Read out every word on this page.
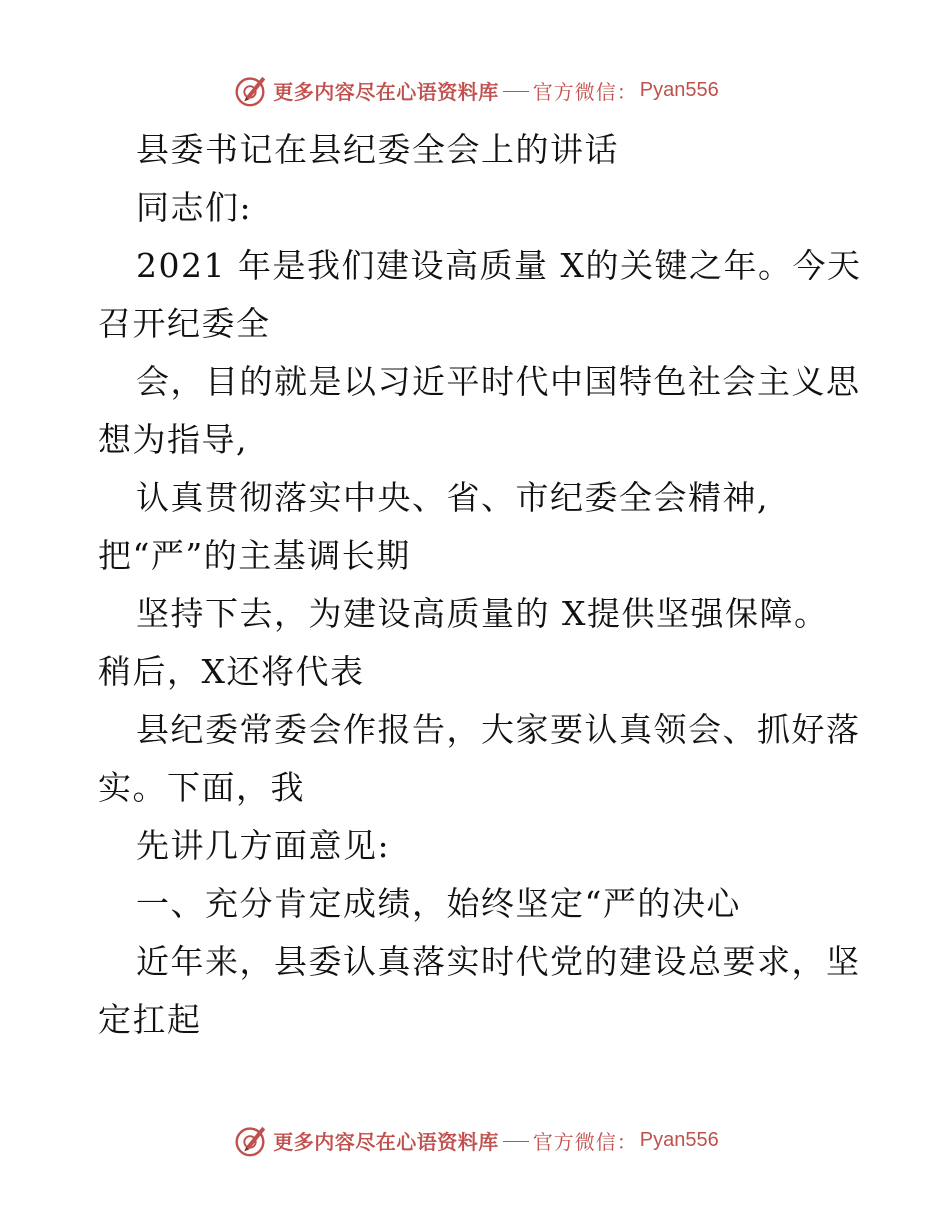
更多内容尽在心语资料库 官方微信： Pyan556
县委书记在县纪委全会上的讲话
同志们:
2021 年是我们建设高质量 X的关键之年。今天
召开纪委全
会，目的就是以习近平时代中国特色社会主义思
想为指导,
认真贯彻落实中央、省、市纪委全会精神,
把“严”的主基调长期
坚持下去，为建设高质量的 X提供坚强保障。
稍后，X还将代表
县纪委常委会作报告，大家要认真领会、抓好落
实。下面，我
先讲几方面意见:
一、充分肯定成绩，始终坚定“严的决心
近年来，县委认真落实时代党的建设总要求，坚
定扛起
更多内容尽在心语资料库 官方微信： Pyan556
